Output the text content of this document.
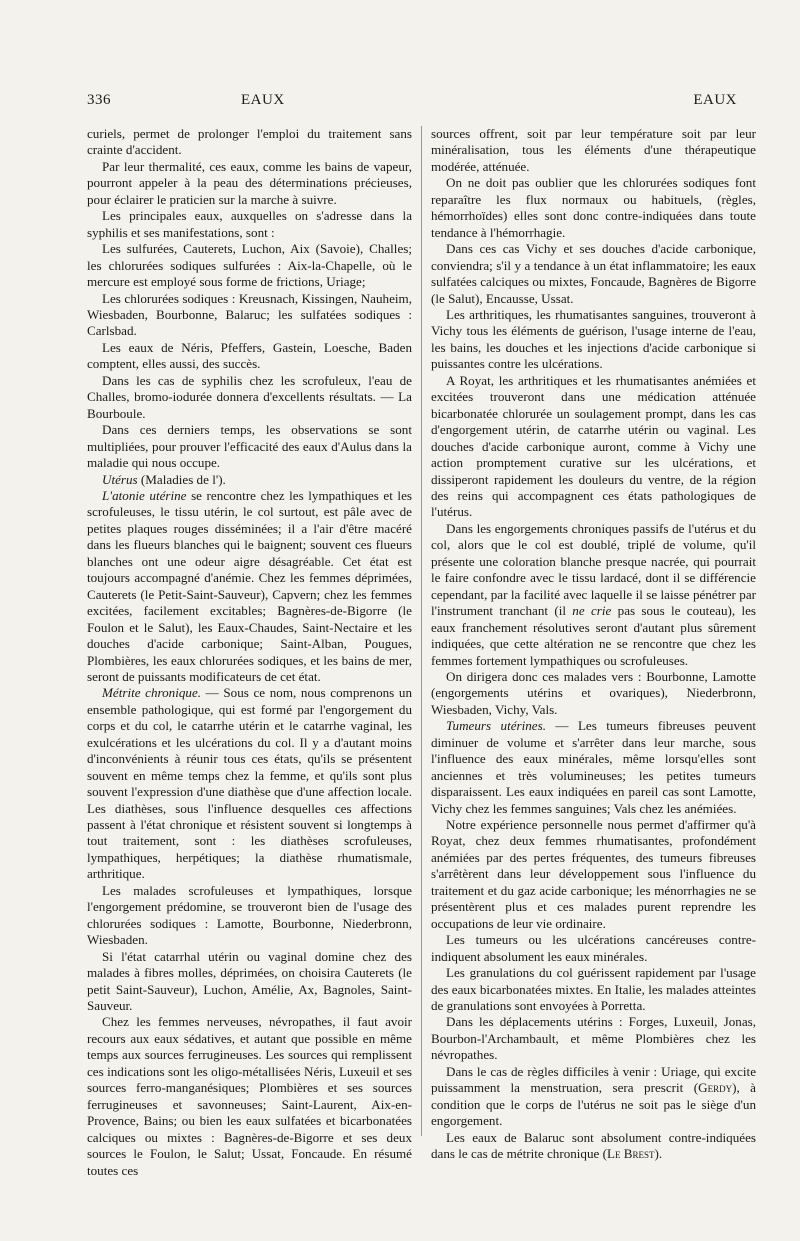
336	EAUX	EAUX

curiels, permet de prolonger l'emploi du traitement sans crainte d'accident.

Par leur thermalité, ces eaux, comme les bains de vapeur, pourront appeler à la peau des déterminations précieuses, pour éclairer le praticien sur la marche à suivre.

Les principales eaux, auxquelles on s'adresse dans la syphilis et ses manifestations, sont :

Les sulfurées, Cauterets, Luchon, Aix (Savoie), Challes; les chlorurées sodiques sulfurées : Aix-la-Chapelle, où le mercure est employé sous forme de frictions, Uriage;

Les chlorurées sodiques : Kreusnach, Kissingen, Nauheim, Wiesbaden, Bourbonne, Balaruc; les sulfatées sodiques : Carlsbad.

Les eaux de Néris, Pfeffers, Gastein, Loesche, Baden comptent, elles aussi, des succès.

Dans les cas de syphilis chez les scrofuleux, l'eau de Challes, bromo-iodurée donnera d'excellents résultats. — La Bourboule.

Dans ces derniers temps, les observations se sont multipliées, pour prouver l'efficacité des eaux d'Aulus dans la maladie qui nous occupe.

Utérus (Maladies de l').

L'atonie utérine se rencontre chez les lympathiques et les scrofuleuses, le tissu utérin, le col surtout, est pâle avec de petites plaques rouges disséminées; il a l'air d'être macéré dans les flueurs blanches qui le baignent; souvent ces flueurs blanches ont une odeur aigre désagréable. Cet état est toujours accompagné d'anémie. Chez les femmes déprimées, Cauterets (le Petit-Saint-Sauveur), Capvern; chez les femmes excitées, facilement excitables; Bagnères-de-Bigorre (le Foulon et le Salut), les Eaux-Chaudes, Saint-Nectaire et les douches d'acide carbonique; Saint-Alban, Pougues, Plombières, les eaux chlorurées sodiques, et les bains de mer, seront de puissants modificateurs de cet état.

Métrite chronique. — Sous ce nom, nous comprenons un ensemble pathologique, qui est formé par l'engorgement du corps et du col, le catarrhe utérin et le catarrhe vaginal, les exulcérations et les ulcérations du col. Il y a d'autant moins d'inconvénients à réunir tous ces états, qu'ils se présentent souvent en même temps chez la femme, et qu'ils sont plus souvent l'expression d'une diathèse que d'une affection locale. Les diathèses, sous l'influence desquelles ces affections passent à l'état chronique et résistent souvent si longtemps à tout traitement, sont : les diathèses scrofuleuses, lympathiques, herpétiques; la diathèse rhumatismale, arthritique.

Les malades scrofuleuses et lympathiques, lorsque l'engorgement prédomine, se trouveront bien de l'usage des chlorurées sodiques : Lamotte, Bourbonne, Niederbronn, Wiesbaden.

Si l'état catarrhal utérin ou vaginal domine chez des malades à fibres molles, déprimées, on choisira Cauterets (le petit Saint-Sauveur), Luchon, Amélie, Ax, Bagnoles, Saint-Sauveur.

Chez les femmes nerveuses, névropathes, il faut avoir recours aux eaux sédatives, et autant que possible en même temps aux sources ferrugineuses. Les sources qui remplissent ces indications sont les oligo-métallisées Néris, Luxeuil et ses sources ferro-manganésiques; Plombières et ses sources ferrugineuses et savonneuses; Saint-Laurent, Aix-en-Provence, Bains; ou bien les eaux sulfatées et bicarbonatées calciques ou mixtes : Bagnères-de-Bigorre et ses deux sources le Foulon, le Salut; Ussat, Foncaude. En résumé toutes ces

sources offrent, soit par leur température soit par leur minéralisation, tous les éléments d'une thérapeutique modérée, atténuée.

On ne doit pas oublier que les chlorurées sodiques font reparaître les flux normaux ou habituels, (règles, hémorrhoïdes) elles sont donc contre-indiquées dans toute tendance à l'hémorrhagie.

Dans ces cas Vichy et ses douches d'acide carbonique, conviendra; s'il y a tendance à un état inflammatoire; les eaux sulfatées calciques ou mixtes, Foncaude, Bagnères de Bigorre (le Salut), Encausse, Ussat.

Les arthritiques, les rhumatisantes sanguines, trouveront à Vichy tous les éléments de guérison, l'usage interne de l'eau, les bains, les douches et les injections d'acide carbonique si puissantes contre les ulcérations.

A Royat, les arthritiques et les rhumatisantes anémiées et excitées trouveront dans une médication atténuée bicarbonatée chlorurée un soulagement prompt, dans les cas d'engorgement utérin, de catarrhe utérin ou vaginal. Les douches d'acide carbonique auront, comme à Vichy une action promptement curative sur les ulcérations, et dissiperont rapidement les douleurs du ventre, de la région des reins qui accompagnent ces états pathologiques de l'utérus.

Dans les engorgements chroniques passifs de l'utérus et du col, alors que le col est doublé, triplé de volume, qu'il présente une coloration blanche presque nacrée, qui pourrait le faire confondre avec le tissu lardacé, dont il se différencie cependant, par la facilité avec laquelle il se laisse pénétrer par l'instrument tranchant (il ne crie pas sous le couteau), les eaux franchement résolutives seront d'autant plus sûrement indiquées, que cette altération ne se rencontre que chez les femmes fortement lympathiques ou scrofuleuses.

On dirigera donc ces malades vers : Bourbonne, Lamotte (engorgements utérins et ovariques), Niederbronn, Wiesbaden, Vichy, Vals.

Tumeurs utérines. — Les tumeurs fibreuses peuvent diminuer de volume et s'arrêter dans leur marche, sous l'influence des eaux minérales, même lorsqu'elles sont anciennes et très volumineuses; les petites tumeurs disparaissent. Les eaux indiquées en pareil cas sont Lamotte, Vichy chez les femmes sanguines; Vals chez les anémiées.

Notre expérience personnelle nous permet d'affirmer qu'à Royat, chez deux femmes rhumatisantes, profondément anémiées par des pertes fréquentes, des tumeurs fibreuses s'arrêtèrent dans leur développement sous l'influence du traitement et du gaz acide carbonique; les ménorrhagies ne se présentèrent plus et ces malades purent reprendre les occupations de leur vie ordinaire.

Les tumeurs ou les ulcérations cancéreuses contre-indiquent absolument les eaux minérales.

Les granulations du col guérissent rapidement par l'usage des eaux bicarbonatées mixtes. En Italie, les malades atteintes de granulations sont envoyées à Porretta.

Dans les déplacements utérins : Forges, Luxeuil, Jonas, Bourbon-l'Archambault, et même Plombières chez les névropathes.

Dans le cas de règles difficiles à venir : Uriage, qui excite puissamment la menstruation, sera prescrit (Gerdy), à condition que le corps de l'utérus ne soit pas le siège d'un engorgement.

Les eaux de Balaruc sont absolument contre-indiquées dans le cas de métrite chronique (Le Brest).
